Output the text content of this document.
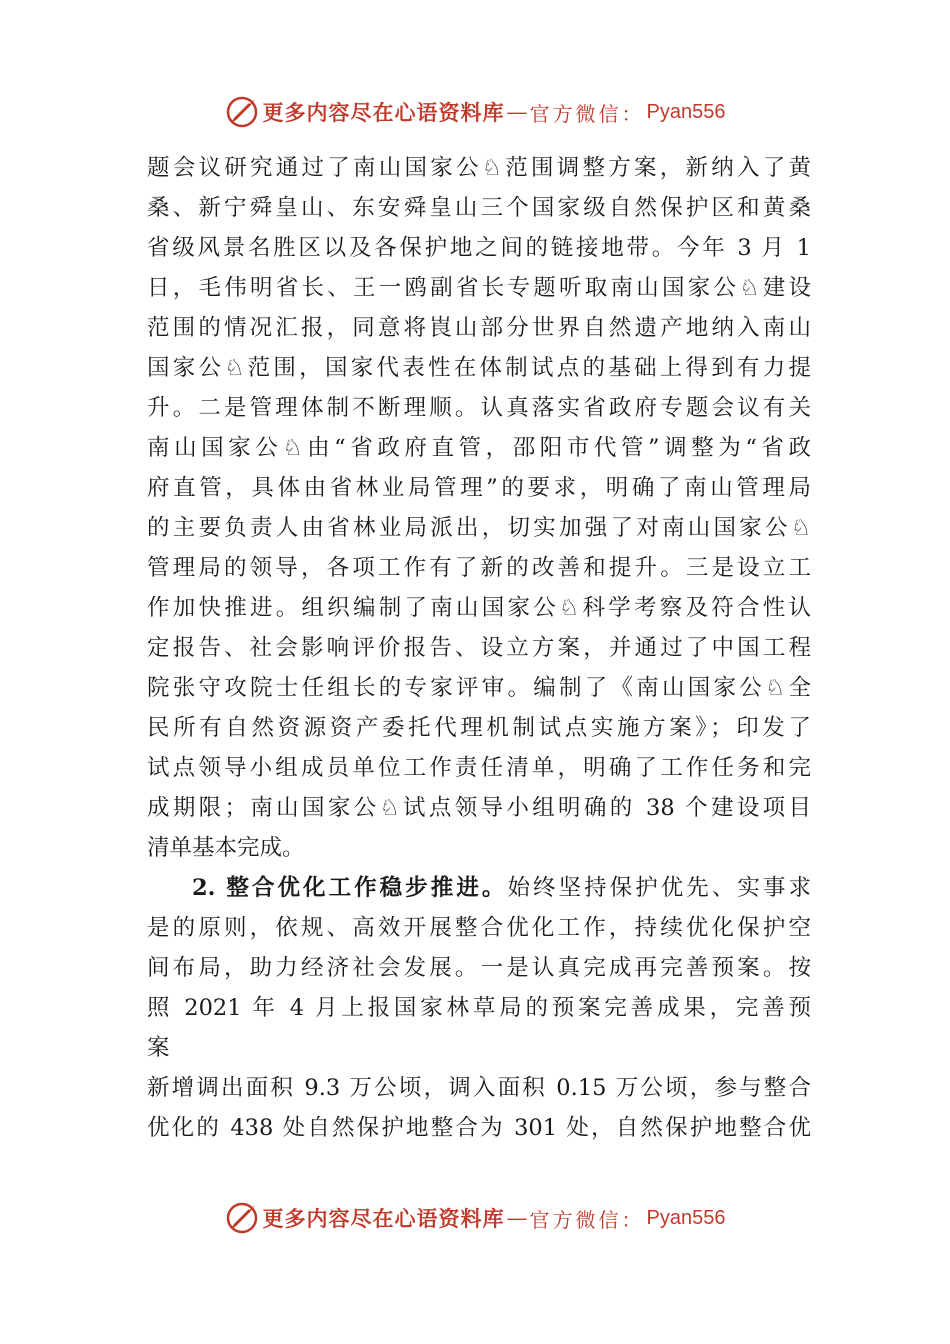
更多内容尽在心语资料库 — 官方微信： Pyan556
题会议研究通过了南山国家公♘范围调整方案，新纳入了黄
桑、新宁舜皇山、东安舜皇山三个国家级自然保护区和黄桑
省级风景名胜区以及各保护地之间的链接地带。今年 3 月 1
日，毛伟明省长、王一鸥副省长专题听取南山国家公♘建设
范围的情况汇报，同意将崀山部分世界自然遗产地纳入南山
国家公♘范围，国家代表性在体制试点的基础上得到有力提
升。二是管理体制不断理顺。认真落实省政府专题会议有关
南山国家公♘由“省政府直管，邵阳市代管”调整为“省政
府直管，具体由省林业局管理”的要求，明确了南山管理局
的主要负责人由省林业局派出，切实加强了对南山国家公♘
管理局的领导，各项工作有了新的改善和提升。三是设立工
作加快推进。组织编制了南山国家公♘科学考察及符合性认
定报告、社会影响评价报告、设立方案，并通过了中国工程
院张守攻院士任组长的专家评审。编制了《南山国家公♘全
民所有自然资源资产委托代理机制试点实施方案》；印发了
试点领导小组成员单位工作责任清单，明确了工作任务和完
成期限；南山国家公♘试点领导小组明确的 38 个建设项目
清单基本完成。
2. 整合优化工作稳步推进。始终坚持保护优先、实事求
是的原则，依规、高效开展整合优化工作，持续优化保护空
间布局，助力经济社会发展。一是认真完成再完善预案。按
照 2021 年 4 月上报国家林草局的预案完善成果，完善预
案
新增调出面积 9.3 万公顷，调入面积 0.15 万公顷，参与整合
优化的 438 处自然保护地整合为 301 处，自然保护地整合优
更多内容尽在心语资料库 — 官方微信： Pyan556
